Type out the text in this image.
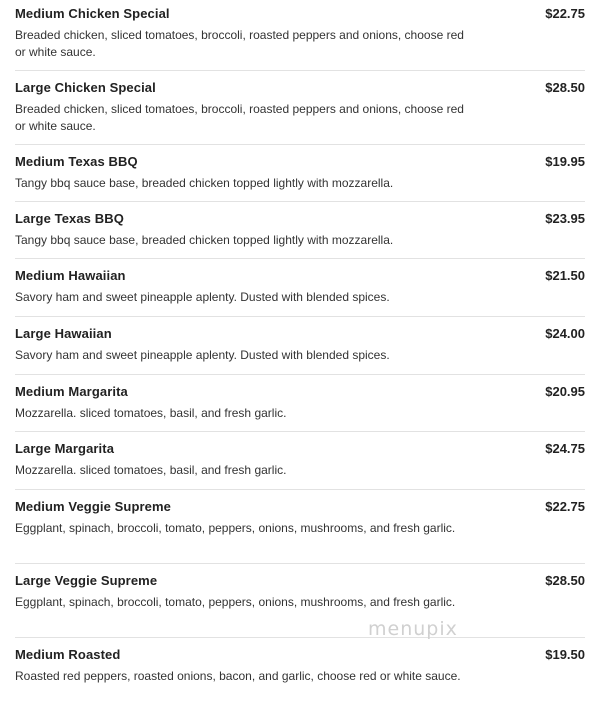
Medium Chicken Special	$22.75
Breaded chicken, sliced tomatoes, broccoli, roasted peppers and onions, choose red or white sauce.
Large Chicken Special	$28.50
Breaded chicken, sliced tomatoes, broccoli, roasted peppers and onions, choose red or white sauce.
Medium Texas BBQ	$19.95
Tangy bbq sauce base, breaded chicken topped lightly with mozzarella.
Large Texas BBQ	$23.95
Tangy bbq sauce base, breaded chicken topped lightly with mozzarella.
Medium Hawaiian	$21.50
Savory ham and sweet pineapple aplenty. Dusted with blended spices.
Large Hawaiian	$24.00
Savory ham and sweet pineapple aplenty. Dusted with blended spices.
Medium Margarita	$20.95
Mozzarella. sliced tomatoes, basil, and fresh garlic.
Large Margarita	$24.75
Mozzarella. sliced tomatoes, basil, and fresh garlic.
Medium Veggie Supreme	$22.75
Eggplant, spinach, broccoli, tomato, peppers, onions, mushrooms, and fresh garlic.
Large Veggie Supreme	$28.50
Eggplant, spinach, broccoli, tomato, peppers, onions, mushrooms, and fresh garlic.
Medium Roasted	$19.50
Roasted red peppers, roasted onions, bacon, and garlic, choose red or white sauce.
menupix
